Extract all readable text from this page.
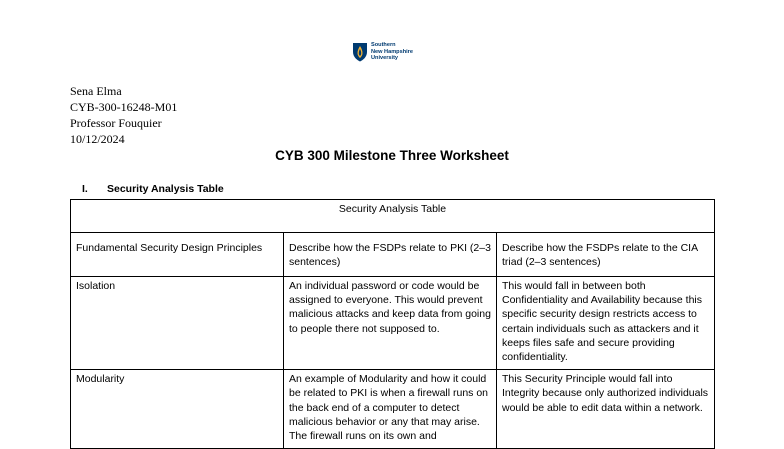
Southern
New Hampshire
University
Sena Elma
CYB-300-16248-M01
Professor Fouquier
10/12/2024
CYB 300 Milestone Three Worksheet
I. Security Analysis Table
Security Analysis Table		
Fundamental Security Design Principles	Describe how the FSDPs relate to PKI (2–3 sentences)	Describe how the FSDPs relate to the CIA triad (2–3 sentences)
Isolation	An individual password or code would be assigned to everyone. This would prevent malicious attacks and keep data from going to people there not supposed to.	This would fall in between both Confidentiality and Availability because this specific security design restricts access to certain individuals such as attackers and it keeps files safe and secure providing confidentiality.
Modularity	An example of Modularity and how it could be related to PKI is when a firewall runs on the back end of a computer to detect malicious behavior or any that may arise. The firewall runs on its own and	This Security Principle would fall into Integrity because only authorized individuals would be able to edit data within a network.
